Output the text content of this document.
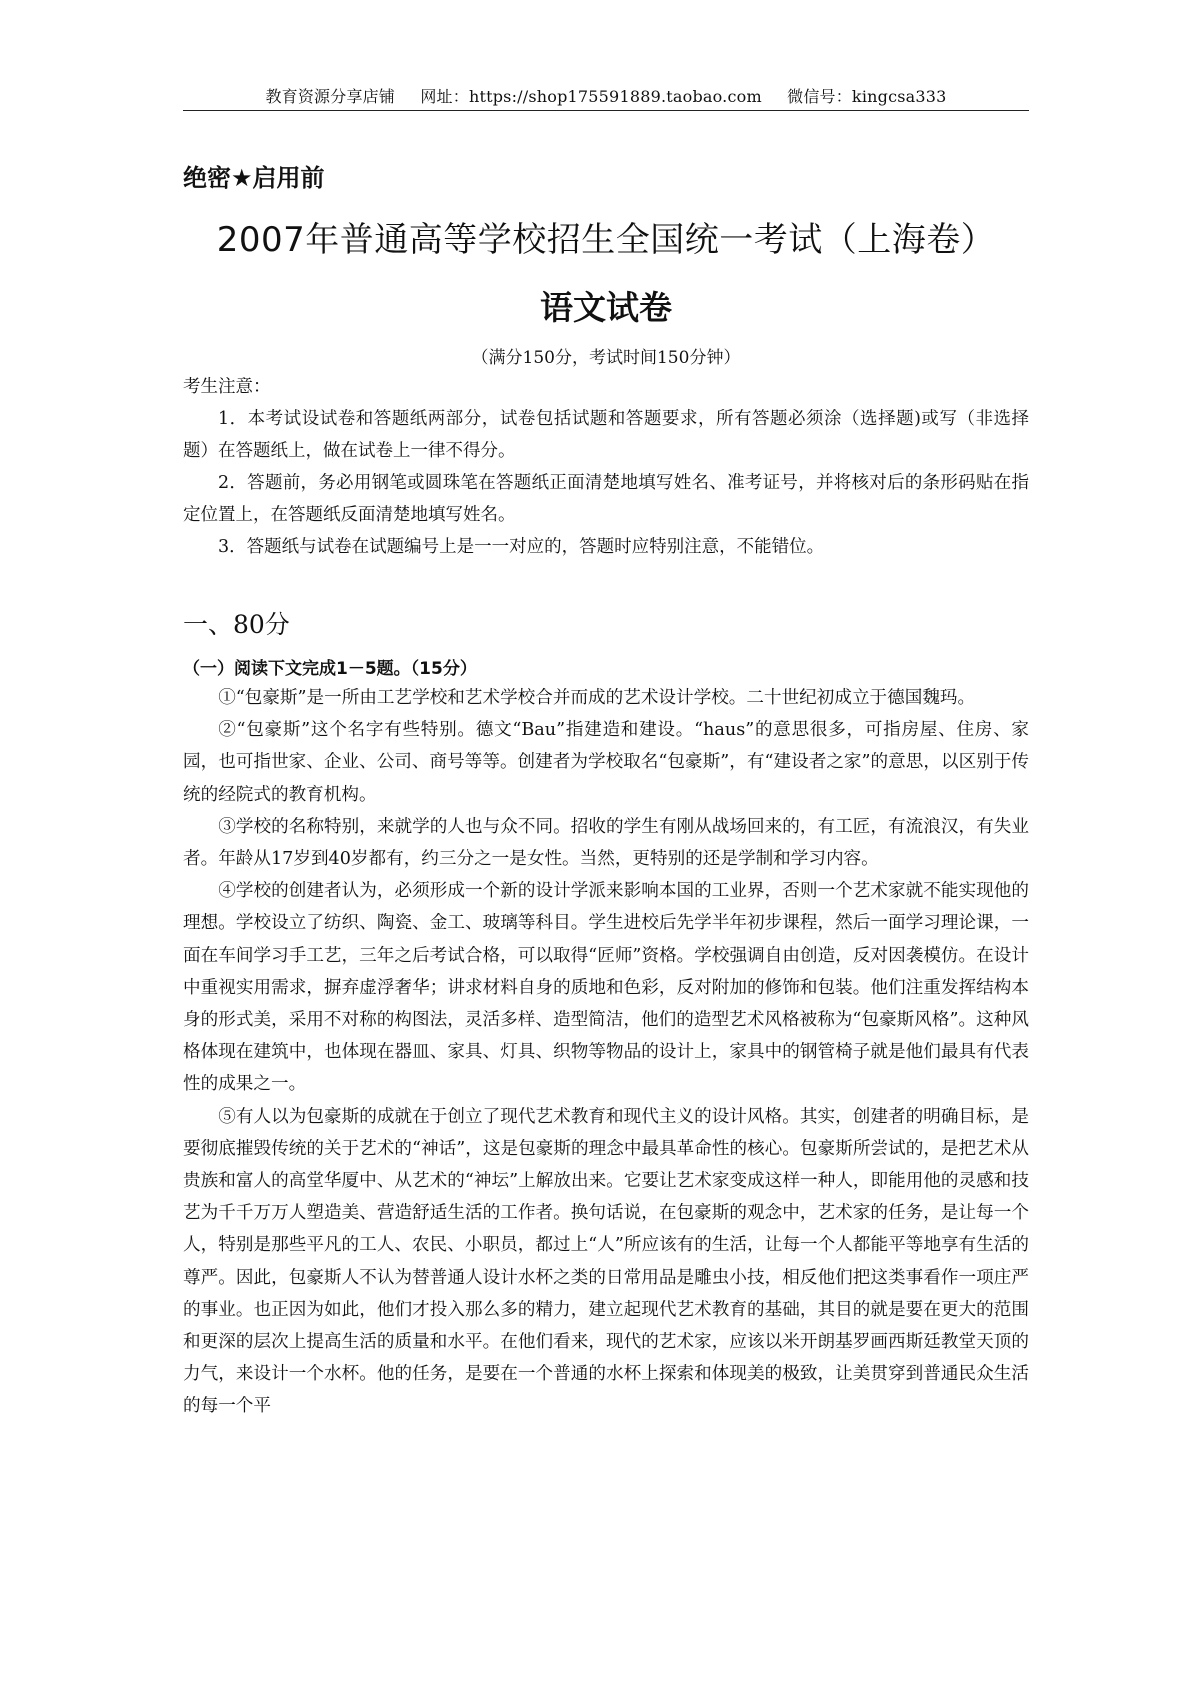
教育资源分享店铺 网址：https://shop175591889.taobao.com 微信号：kingcsa333
绝密★启用前
2007年普通高等学校招生全国统一考试（上海卷）
语文试卷
（满分150分，考试时间150分钟）

考生注意：

1．本考试设试卷和答题纸两部分，试卷包括试题和答题要求，所有答题必须涂（选择题)或写（非选择题）在答题纸上，做在试卷上一律不得分。

2．答题前，务必用钢笔或圆珠笔在答题纸正面清楚地填写姓名、准考证号，并将核对后的条形码贴在指定位置上，在答题纸反面清楚地填写姓名。

3．答题纸与试卷在试题编号上是一一对应的，答题时应特别注意，不能错位。

一、80分
（一）阅读下文完成1－5题。（15分）

①“包豪斯”是一所由工艺学校和艺术学校合并而成的艺术设计学校。二十世纪初成立于德国魏玛。

②“包豪斯”这个名字有些特别。德文“Bau”指建造和建设。“haus”的意思很多，可指房屋、住房、家园，也可指世家、企业、公司、商号等等。创建者为学校取名“包豪斯”，有“建设者之家”的意思，以区别于传统的经院式的教育机构。

③学校的名称特别，来就学的人也与众不同。招收的学生有刚从战场回来的，有工匠，有流浪汉，有失业者。年龄从17岁到40岁都有，约三分之一是女性。当然，更特别的还是学制和学习内容。

④学校的创建者认为，必须形成一个新的设计学派来影响本国的工业界，否则一个艺术家就不能实现他的理想。学校设立了纺织、陶瓷、金工、玻璃等科目。学生进校后先学半年初步课程，然后一面学习理论课，一面在车间学习手工艺，三年之后考试合格，可以取得“匠师”资格。学校强调自由创造，反对因袭模仿。在设计中重视实用需求，摒弃虚浮奢华；讲求材料自身的质地和色彩，反对附加的修饰和包装。他们注重发挥结构本身的形式美，采用不对称的构图法，灵活多样、造型简洁，他们的造型艺术风格被称为“包豪斯风格”。这种风格体现在建筑中，也体现在器皿、家具、灯具、织物等物品的设计上，家具中的钢管椅子就是他们最具有代表性的成果之一。

⑤有人以为包豪斯的成就在于创立了现代艺术教育和现代主义的设计风格。其实，创建者的明确目标，是要彻底摧毁传统的关于艺术的“神话”，这是包豪斯的理念中最具革命性的核心。包豪斯所尝试的，是把艺术从贵族和富人的高堂华厦中、从艺术的“神坛”上解放出来。它要让艺术家变成这样一种人，即能用他的灵感和技艺为千千万万人塑造美、营造舒适生活的工作者。换句话说，在包豪斯的观念中，艺术家的任务，是让每一个人，特别是那些平凡的工人、农民、小职员，都过上“人”所应该有的生活，让每一个人都能平等地享有生活的尊严。因此，包豪斯人不认为替普通人设计水杯之类的日常用品是雕虫小技，相反他们把这类事看作一项庄严的事业。也正因为如此，他们才投入那么多的精力，建立起现代艺术教育的基础，其目的就是要在更大的范围和更深的层次上提高生活的质量和水平。在他们看来，现代的艺术家，应该以米开朗基罗画西斯廷教堂天顶的力气，来设计一个水杯。他的任务，是要在一个普通的水杯上探索和体现美的极致，让美贯穿到普通民众生活的每一个平
